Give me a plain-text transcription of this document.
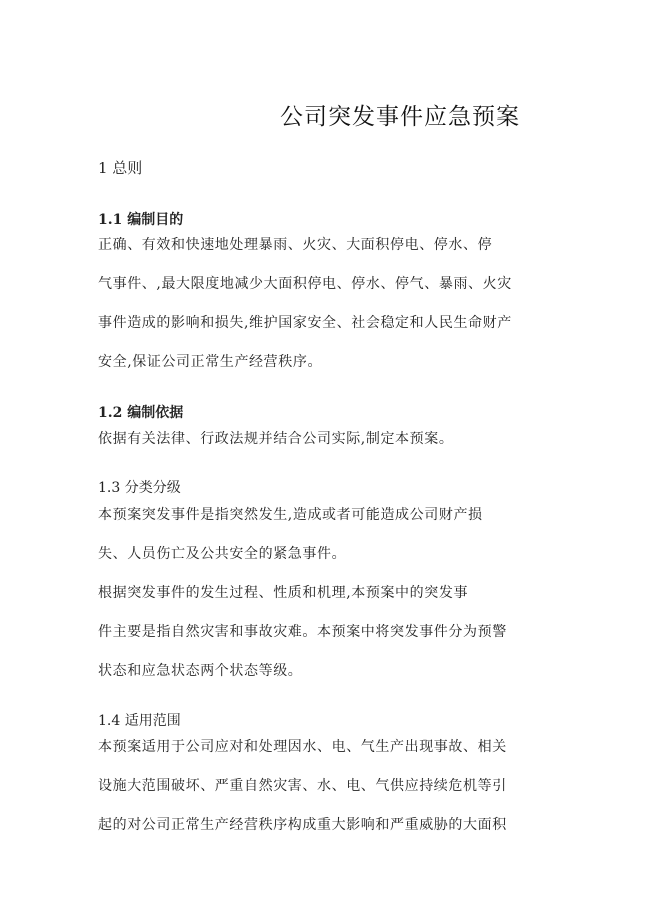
公司突发事件应急预案
1 总则
1.1 编制目的
正确、有效和快速地处理暴雨、火灾、大面积停电、停水、停
气事件、,最大限度地减少大面积停电、停水、停气、暴雨、火灾
事件造成的影响和损失,维护国家安全、社会稳定和人民生命财产
安全,保证公司正常生产经营秩序。
1.2 编制依据
依据有关法律、行政法规并结合公司实际,制定本预案。
1.3 分类分级
本预案突发事件是指突然发生,造成或者可能造成公司财产损
失、人员伤亡及公共安全的紧急事件。
根据突发事件的发生过程、性质和机理,本预案中的突发事
件主要是指自然灾害和事故灾难。本预案中将突发事件分为预警
状态和应急状态两个状态等级。
1.4 适用范围
本预案适用于公司应对和处理因水、电、气生产出现事故、相关
设施大范围破坏、严重自然灾害、水、电、气供应持续危机等引
起的对公司正常生产经营秩序构成重大影响和严重威胁的大面积
